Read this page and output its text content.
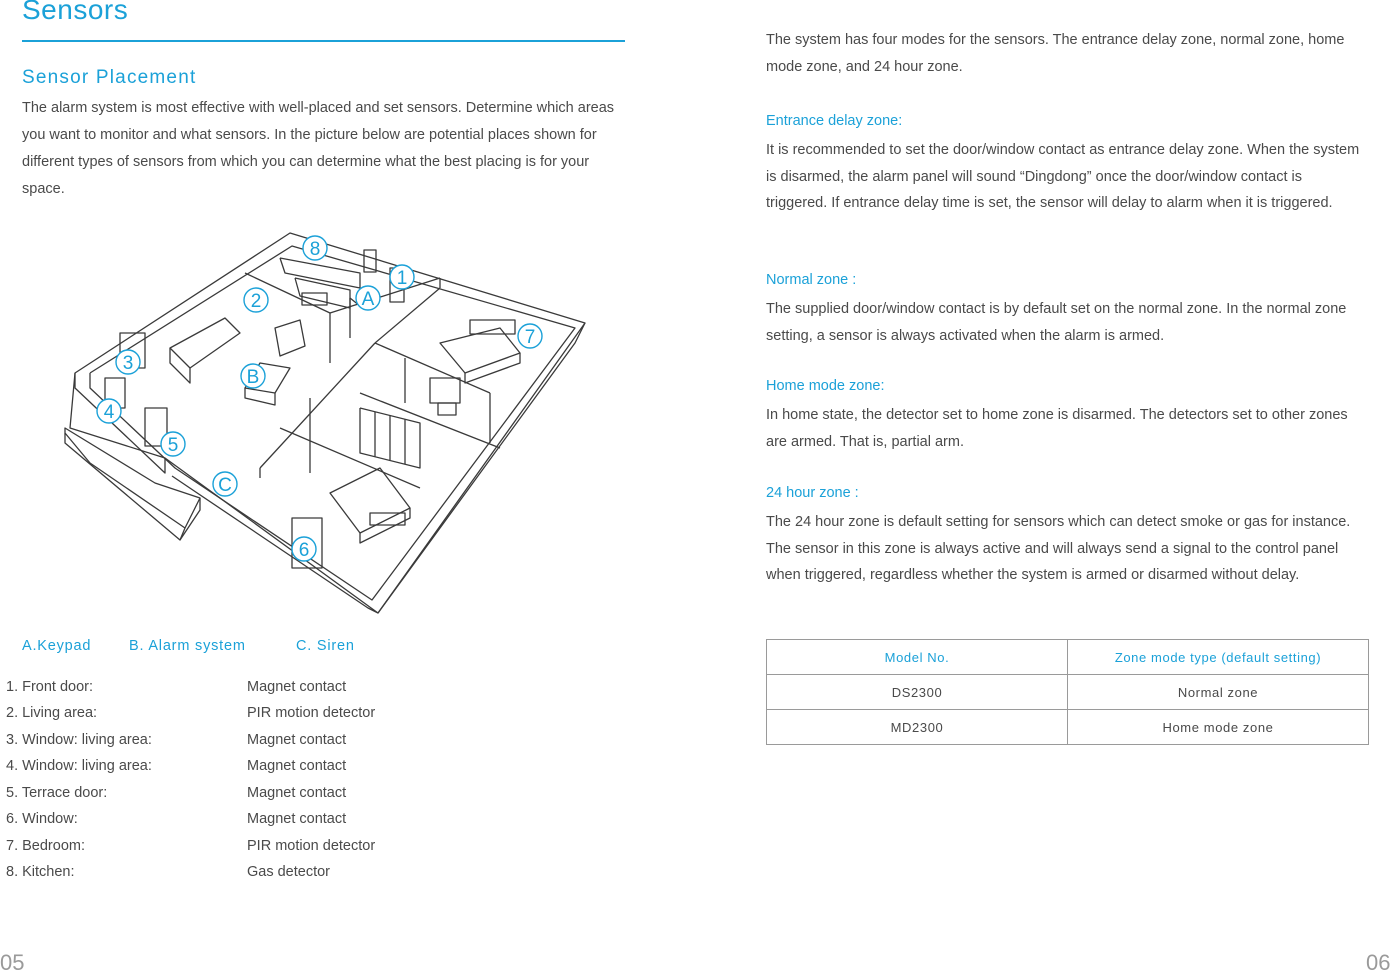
Sensors
Sensor Placement
The alarm system is most effective with well-placed and set sensors. Determine which areas you want to monitor and what sensors. In the picture below are potential places shown for different types of sensors from which you can determine what the best placing is for your space.
8
1
2	A
7
3
B
4
5
C
6
A.Keypad	B. Alarm system	C. Siren
1. Front door:	Magnet contact
2. Living area:	PIR motion detector
3. Window: living area:	Magnet contact
4. Window: living area:	Magnet contact
5. Terrace door:	Magnet contact
6. Window:	Magnet contact
7. Bedroom:	PIR motion detector
8. Kitchen:	Gas detector
05
The system has four modes for the sensors. The entrance delay zone, normal zone, home mode zone, and 24 hour zone.
Entrance delay zone:
It is recommended to set the door/window contact as entrance delay zone. When the system is disarmed, the alarm panel will sound “Dingdong” once the door/window contact is triggered. If entrance delay time is set, the sensor will delay to alarm when it is triggered.
Normal zone :
The supplied door/window contact is by default set on the normal zone. In the normal zone setting, a sensor is always activated when the alarm is armed.
Home mode zone:
In home state, the detector set to home zone is disarmed. The detectors set to other zones are armed. That is, partial arm.
24 hour zone :
The 24 hour zone is default setting for sensors which can detect smoke or gas for instance. The sensor in this zone is always active and will always send a signal to the control panel when triggered, regardless whether the system is armed or disarmed without delay.
Model No.	Zone mode type (default setting)
DS2300	Normal zone
MD2300	Home mode zone
06
